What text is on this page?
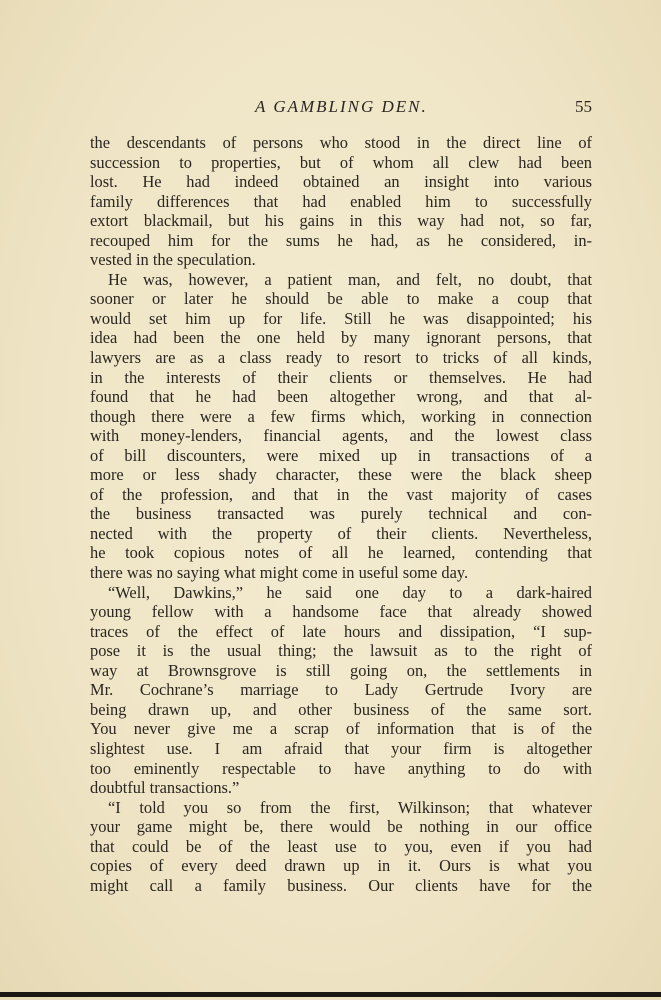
A GAMBLING DEN.	55
the descendants of persons who stood in the direct line of
succession to properties, but of whom all clew had been
lost. He had indeed obtained an insight into various
family differences that had enabled him to successfully
extort blackmail, but his gains in this way had not, so far,
recouped him for the sums he had, as he considered, in-
vested in the speculation.
He was, however, a patient man, and felt, no doubt, that
sooner or later he should be able to make a coup that
would set him up for life. Still he was disappointed; his
idea had been the one held by many ignorant persons, that
lawyers are as a class ready to resort to tricks of all kinds,
in the interests of their clients or themselves. He had
found that he had been altogether wrong, and that al-
though there were a few firms which, working in connection
with money-lenders, financial agents, and the lowest class
of bill discounters, were mixed up in transactions of a
more or less shady character, these were the black sheep
of the profession, and that in the vast majority of cases
the business transacted was purely technical and con-
nected with the property of their clients. Nevertheless,
he took copious notes of all he learned, contending that
there was no saying what might come in useful some day.
“Well, Dawkins,” he said one day to a dark-haired
young fellow with a handsome face that already showed
traces of the effect of late hours and dissipation, “I sup-
pose it is the usual thing; the lawsuit as to the right of
way at Brownsgrove is still going on, the settlements in
Mr. Cochrane’s marriage to Lady Gertrude Ivory are
being drawn up, and other business of the same sort.
You never give me a scrap of information that is of the
slightest use. I am afraid that your firm is altogether
too eminently respectable to have anything to do with
doubtful transactions.”
“I told you so from the first, Wilkinson; that whatever
your game might be, there would be nothing in our office
that could be of the least use to you, even if you had
copies of every deed drawn up in it. Ours is what you
might call a family business. Our clients have for the
